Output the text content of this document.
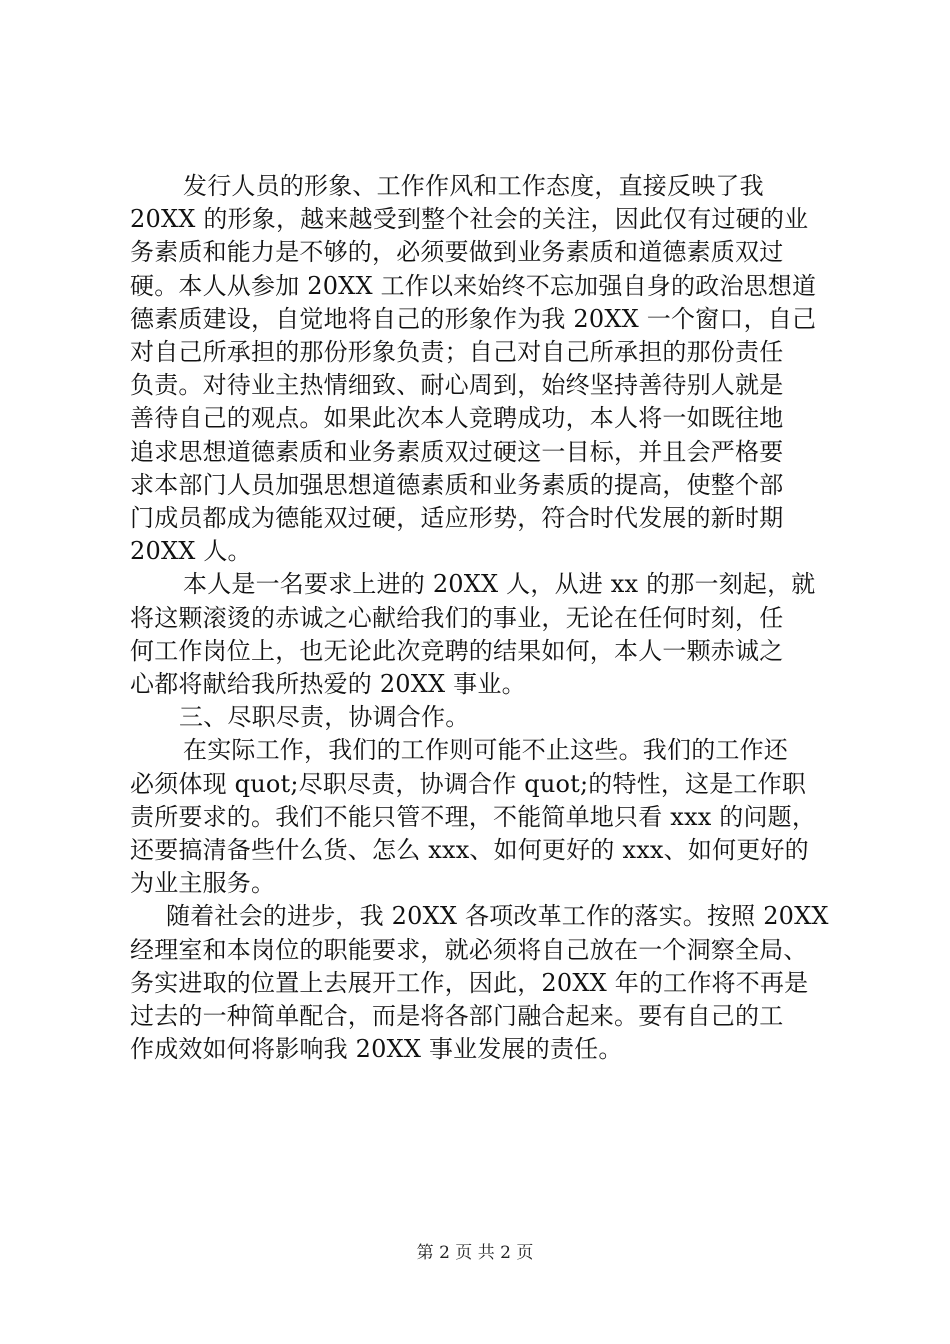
发行人员的形象、工作作风和工作态度，直接反映了我
20XX 的形象，越来越受到整个社会的关注，因此仅有过硬的业
务素质和能力是不够的，必须要做到业务素质和道德素质双过
硬。本人从参加 20XX 工作以来始终不忘加强自身的政治思想道
德素质建设，自觉地将自己的形象作为我 20XX 一个窗口，自己
对自己所承担的那份形象负责；自己对自己所承担的那份责任
负责。对待业主热情细致、耐心周到，始终坚持善待别人就是
善待自己的观点。如果此次本人竞聘成功，本人将一如既往地
追求思想道德素质和业务素质双过硬这一目标，并且会严格要
求本部门人员加强思想道德素质和业务素质的提高，使整个部
门成员都成为德能双过硬，适应形势，符合时代发展的新时期
20XX 人。

本人是一名要求上进的 20XX 人，从进 xx 的那一刻起，就
将这颗滚烫的赤诚之心献给我们的事业，无论在任何时刻，任
何工作岗位上，也无论此次竞聘的结果如何，本人一颗赤诚之
心都将献给我所热爱的 20XX 事业。

三、尽职尽责，协调合作。

在实际工作，我们的工作则可能不止这些。我们的工作还
必须体现 quot;尽职尽责，协调合作 quot;的特性，这是工作职
责所要求的。我们不能只管不理，不能简单地只看 xxx 的问题，
还要搞清备些什么货、怎么 xxx、如何更好的 xxx、如何更好的
为业主服务。

随着社会的进步，我 20XX 各项改革工作的落实。按照 20XX
经理室和本岗位的职能要求，就必须将自己放在一个洞察全局、
务实进取的位置上去展开工作，因此，20XX 年的工作将不再是
过去的一种简单配合，而是将各部门融合起来。要有自己的工
作成效如何将影响我 20XX 事业发展的责任。

第 2 页 共 2 页
